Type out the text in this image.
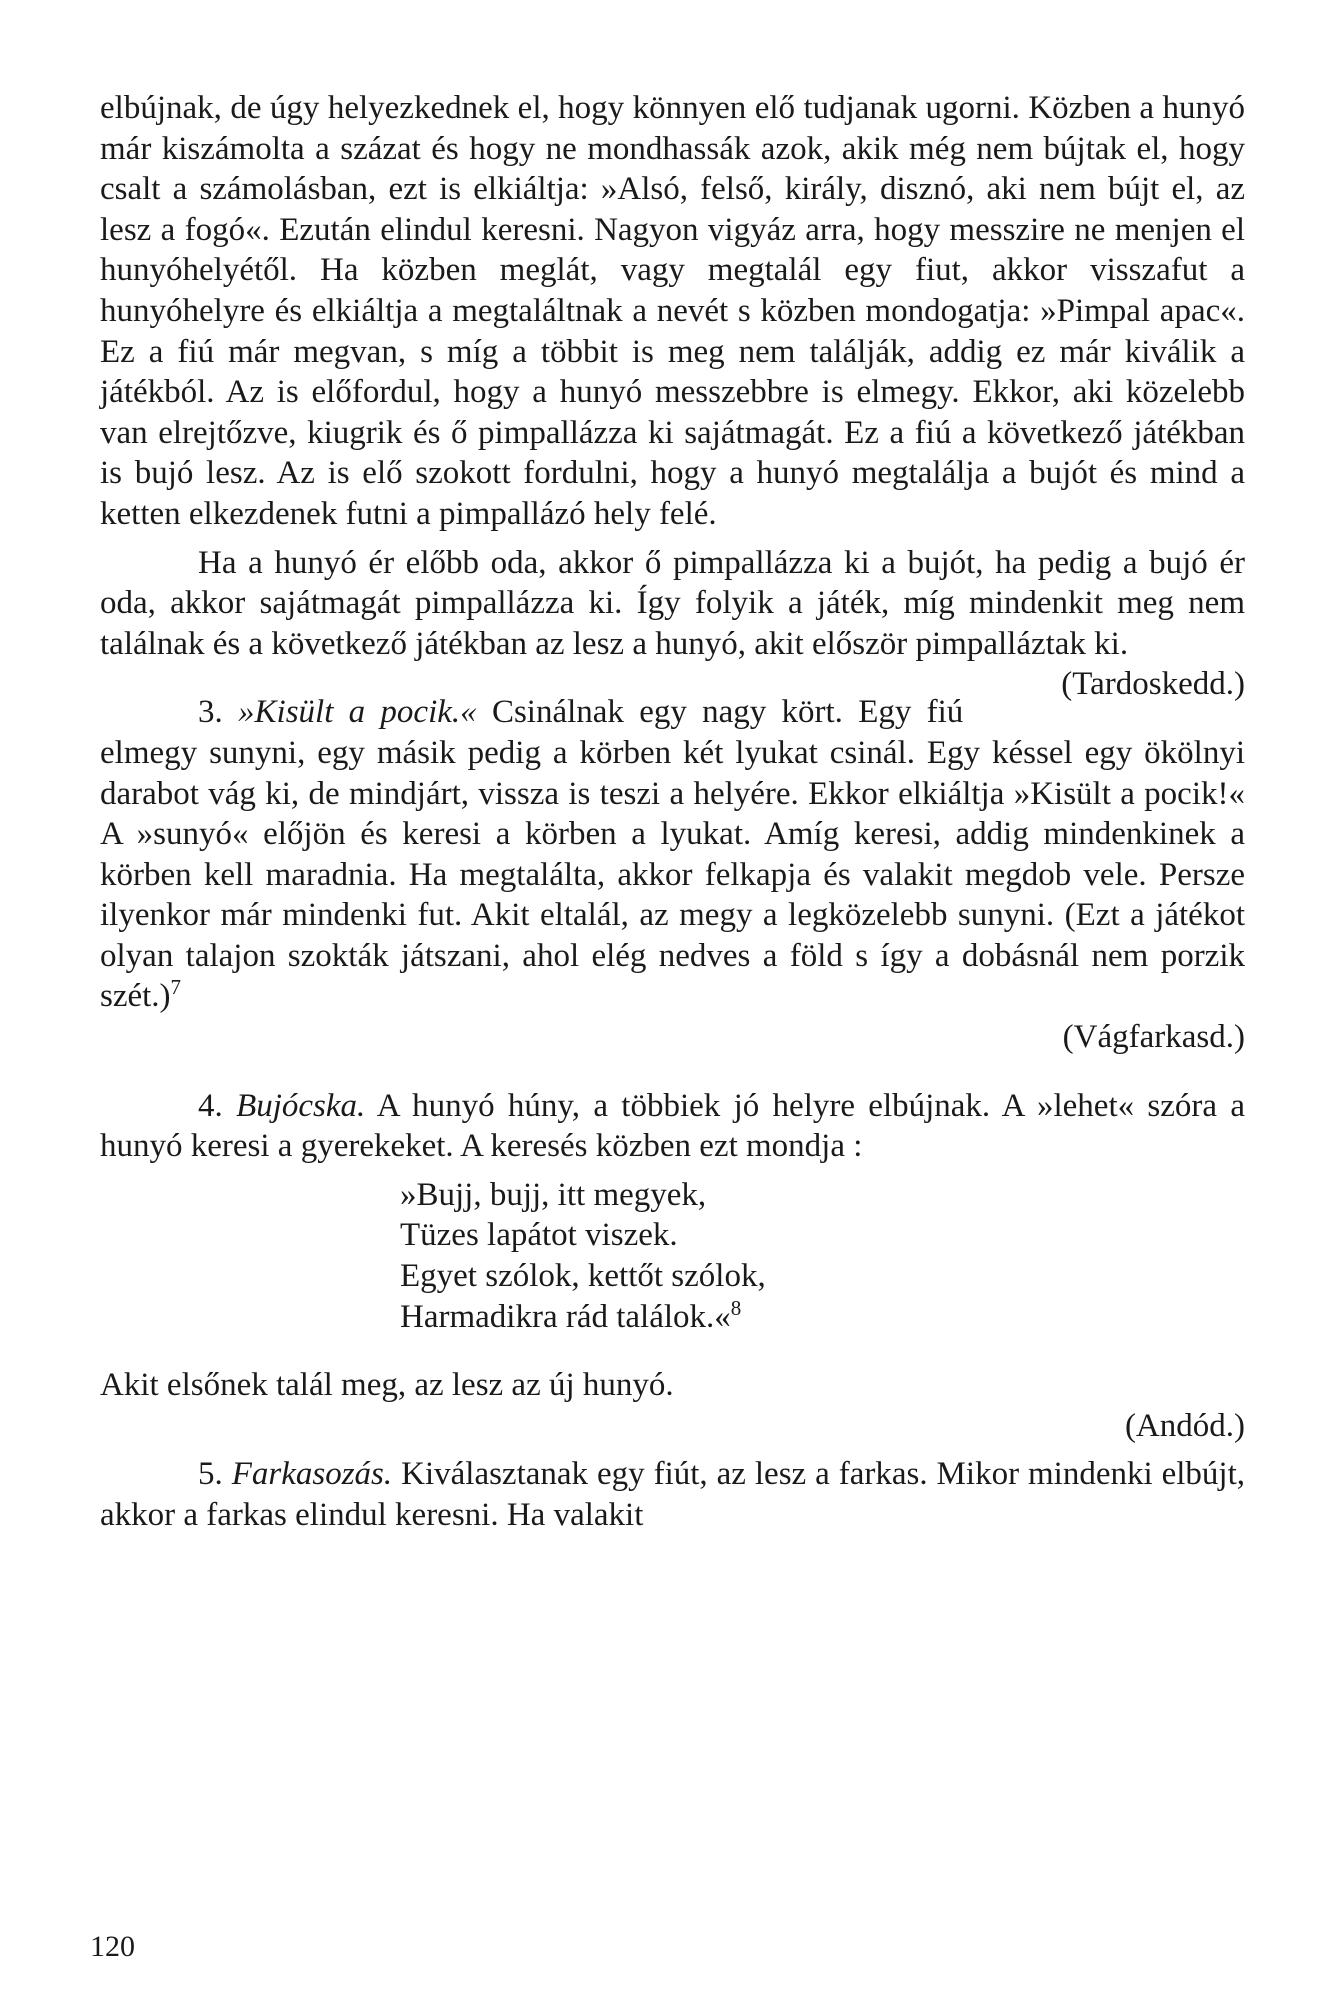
elbújnak, de úgy helyezkednek el, hogy könnyen elő tudjanak ugorni. Közben a hunyó már kiszámolta a százat és hogy ne mondhassák azok, akik még nem bújtak el, hogy csalt a számolásban, ezt is elkiáltja: »Alsó, felső, király, disznó, aki nem bújt el, az lesz a fogó«. Ezután elindul keresni. Nagyon vigyáz arra, hogy messzire ne menjen el hunyóhelyétől. Ha közben meglát, vagy megtalál egy fiut, akkor visszafut a hunyóhelyre és elkiáltja a megtaláltnak a nevét s közben mondogatja: »Pimpal apac«. Ez a fiú már megvan, s míg a többit is meg nem találják, addig ez már kiválik a játékból. Az is előfordul, hogy a hunyó messzebbre is elmegy. Ekkor, aki közelebb van elrejtőzve, kiugrik és ő pimpallázza ki sajátmagát. Ez a fiú a következő játékban is bujó lesz. Az is elő szokott fordulni, hogy a hunyó megtalálja a bujót és mind a ketten elkezdenek futni a pimpallázó hely felé.

Ha a hunyó ér előbb oda, akkor ő pimpallázza ki a bujót, ha pedig a bujó ér oda, akkor sajátmagát pimpallázza ki. Így folyik a játék, míg mindenkit meg nem találnak és a következő játékban az lesz a hunyó, akit először pimpalláztak ki.
(Tardoskedd.)

3. »Kisült a pocik.« Csinálnak egy nagy kört. Egy fiú elmegy sunyni, egy másik pedig a körben két lyukat csinál. Egy késsel egy ökölnyi darabot vág ki, de mindjárt, vissza is teszi a helyére. Ekkor elkiáltja »Kisült a pocik!« A »sunyó« előjön és keresi a körben a lyukat. Amíg keresi, addig mindenkinek a körben kell maradnia. Ha megtalálta, akkor felkapja és valakit megdob vele. Persze ilyenkor már mindenki fut. Akit eltalál, az megy a legközelebb sunyni. (Ezt a játékot olyan talajon szokták játszani, ahol elég nedves a föld s így a dobásnál nem porzik szét.)$^7$

(Vágfarkasd.)

4. Bujócska. A hunyó húny, a többiek jó helyre elbújnak. A »lehet« szóra a hunyó keresi a gyerekeket. A keresés közben ezt mondja :

»Bujj, bujj, itt megyek,
Tüzes lapátot viszek.
Egyet szólok, kettőt szólok,
Harmadikra rád találok.«$^8$

Akit elsőnek talál meg, az lesz az új hunyó.

(Andód.)

5. Farkasozás. Kiválasztanak egy fiút, az lesz a farkas. Mikor mindenki elbújt, akkor a farkas elindul keresni. Ha valakit

120
